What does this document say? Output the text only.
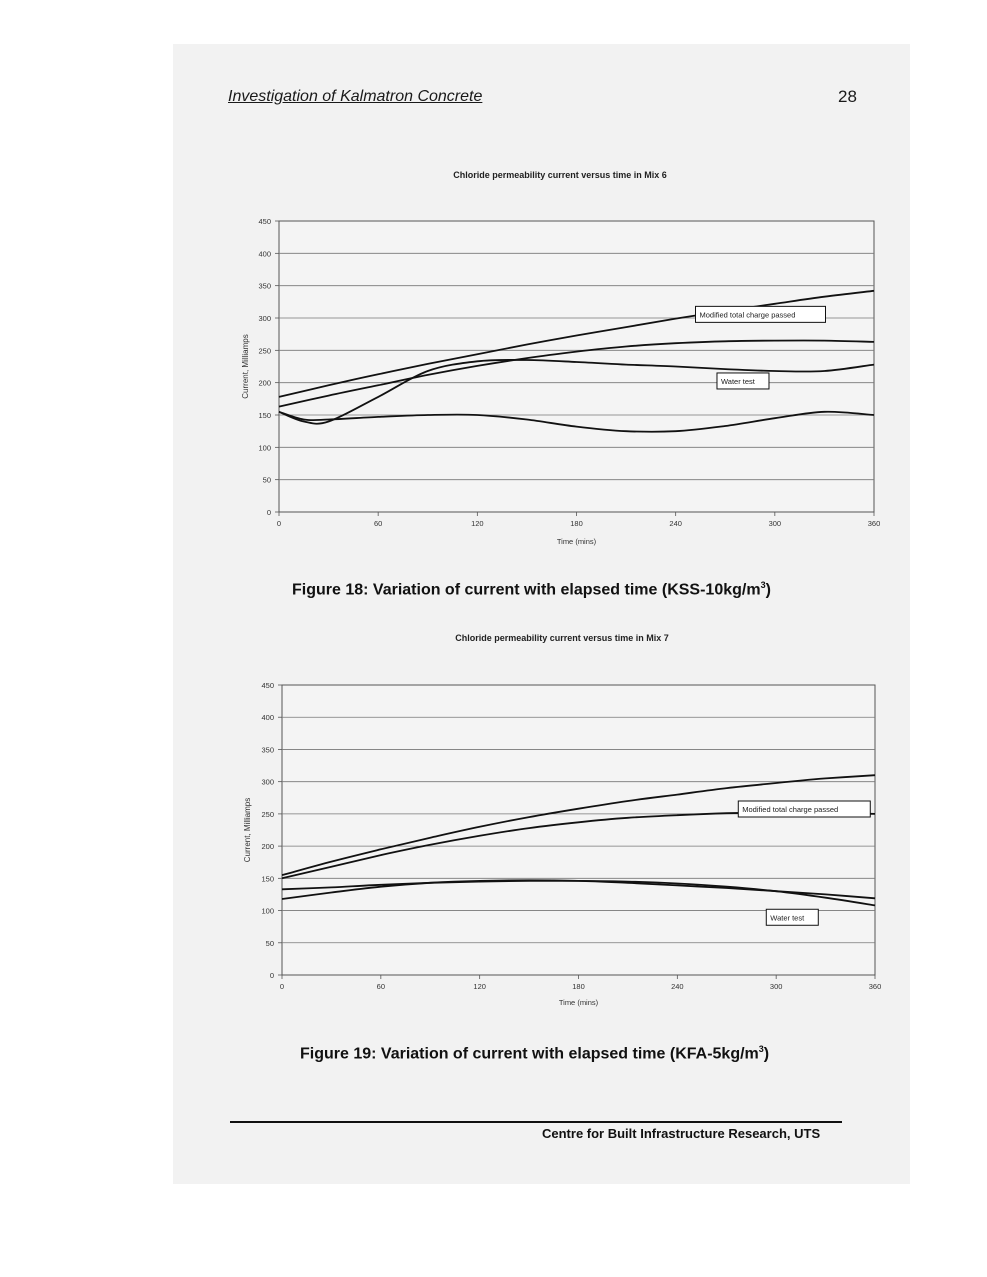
Investigation of Kalmatron Concrete	28
Chloride permeability current versus time in Mix 6
0
50
100
150
200
250
300
350
400
450
0	60	120	180	240	300	360
Time (mins)
Current, Milliamps
Modified total charge passed
Water test
Chloride permeability current versus time in Mix 7
0
50
100
150
200
250
300
350
400
450
0	60	120	180	240	300	360
Time (mins)
Current, Milliamps	Modified total charge passed
Water test
Figure 18: Variation of current with elapsed time $(KSS-10kg/m^3)$
Figure 19: Variation of current with elapsed time $(KFA-5kg/m^3)$
Centre for Built Infrastructure Research, UTS
